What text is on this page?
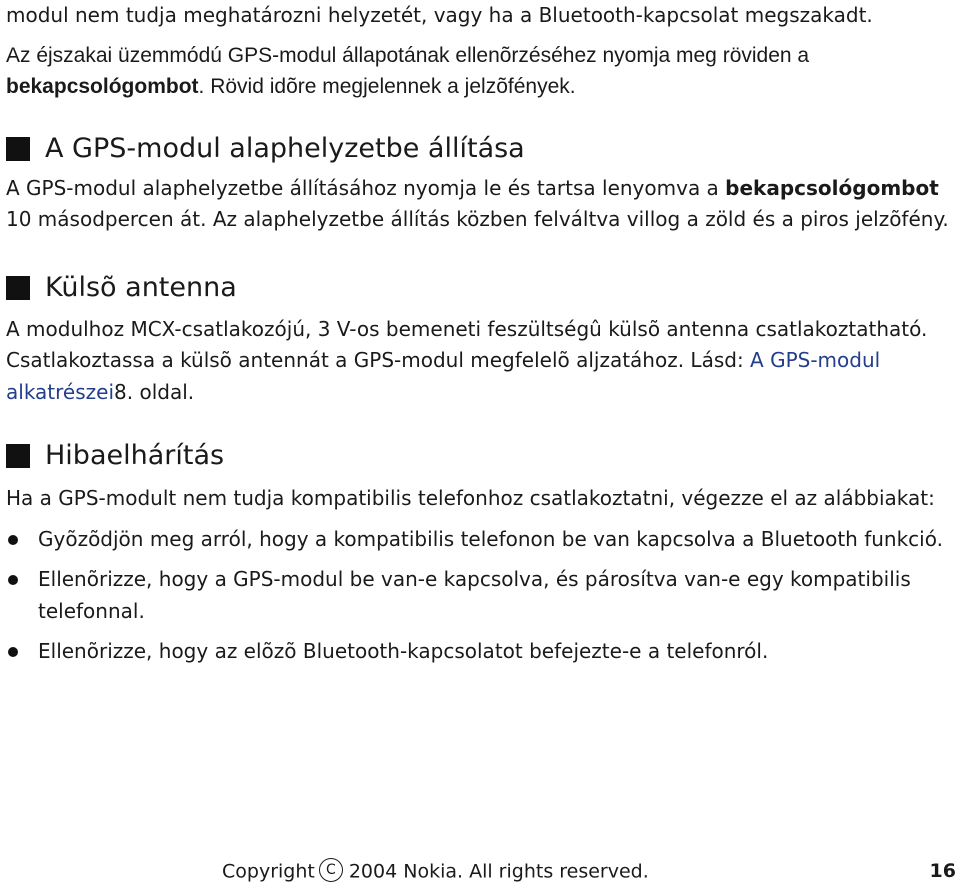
modul nem tudja meghatározni helyzetét, vagy ha a Bluetooth-kapcsolat megszakadt.

Az éjszakai üzemmódú GPS-modul állapotának ellenõrzéséhez nyomja meg röviden a bekapcsológombot. Rövid idõre megjelennek a jelzõfények.

A GPS-modul alaphelyzetbe állítása

A GPS-modul alaphelyzetbe állításához nyomja le és tartsa lenyomva a bekapcsológombot 10 másodpercen át. Az alaphelyzetbe állítás közben felváltva villog a zöld és a piros jelzõfény.

Külsõ antenna

A modulhoz MCX-csatlakozójú, 3 V-os bemeneti feszültségû külsõ antenna csatlakoztatható. Csatlakoztassa a külsõ antennát a GPS-modul megfelelõ aljzatához. Lásd: A GPS-modul alkatrészei8. oldal.

Hibaelhárítás

Ha a GPS-modult nem tudja kompatibilis telefonhoz csatlakoztatni, végezze el az alábbiakat:

Gyõzõdjön meg arról, hogy a kompatibilis telefonon be van kapcsolva a Bluetooth funkció.
Ellenõrizze, hogy a GPS-modul be van-e kapcsolva, és párosítva van-e egy kompatibilis telefonnal.
Ellenõrizze, hogy az elõzõ Bluetooth-kapcsolatot befejezte-e a telefonról.
Copyright C 2004 Nokia. All rights reserved.	16
